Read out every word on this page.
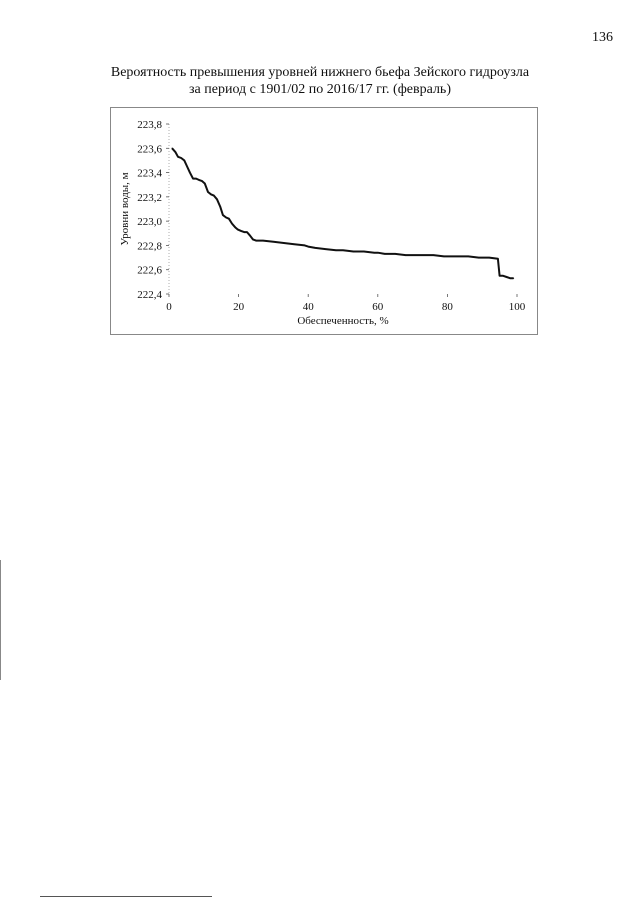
136
Вероятность превышения уровней нижнего бьефа Зейского гидроузла
за период с 1901/02 по 2016/17 гг. (февраль)
222,4
222,6
222,8
223,0
223,2
223,4
223,6
223,8
0	20	40	60	80	100
Обеспеченность, %
Уровни воды, м
